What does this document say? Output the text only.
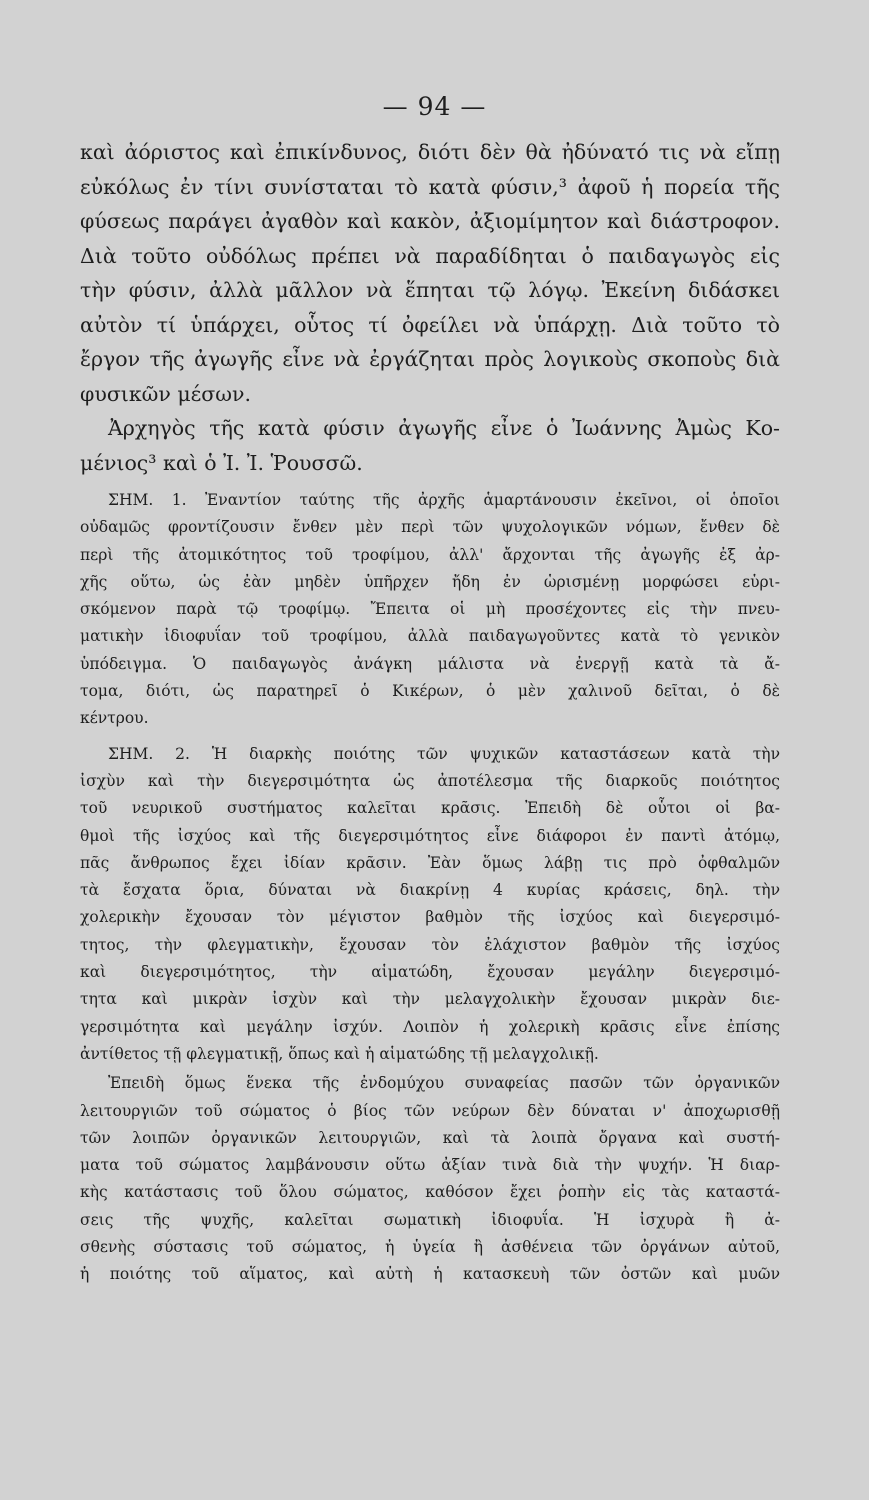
— 94 —
καὶ ἀόριστος καὶ ἐπικίνδυνος, διότι δὲν θὰ ἠδύνατό τις νὰ εἴπῃ
εὐκόλως ἐν τίνι συνίσταται τὸ κατὰ φύσιν,³ ἀφοῦ ἡ πορεία τῆς
φύσεως παράγει ἀγαθὸν καὶ κακὸν, ἀξιομίμητον καὶ διάστροφον.
Διὰ τοῦτο οὐδόλως πρέπει νὰ παραδίδηται ὁ παιδαγωγὸς εἰς
τὴν φύσιν, ἀλλὰ μᾶλλον νὰ ἕπηται τῷ λόγῳ. Ἐκείνη διδάσκει
αὐτὸν τί ὑπάρχει, οὗτος τί ὀφείλει νὰ ὑπάρχῃ. Διὰ τοῦτο τὸ
ἔργον τῆς ἀγωγῆς εἶνε νὰ ἐργάζηται πρὸς λογικοὺς σκοποὺς διὰ
φυσικῶν μέσων.
Ἀρχηγὸς τῆς κατὰ φύσιν ἀγωγῆς εἶνε ὁ Ἰωάννης Ἀμὼς Κο-
μένιος³ καὶ ὁ Ἰ. Ἰ. Ῥουσσῶ.
ΣΗΜ. 1. Ἐναντίον ταύτης τῆς ἀρχῆς ἁμαρτάνουσιν ἐκεῖνοι, οἱ ὁποῖοι
οὐδαμῶς φροντίζουσιν ἔνθεν μὲν περὶ τῶν ψυχολογικῶν νόμων, ἔνθεν δὲ
περὶ τῆς ἀτομικότητος τοῦ τροφίμου, ἀλλ' ἄρχονται τῆς ἀγωγῆς ἐξ ἀρ-
χῆς οὕτω, ὡς ἐὰν μηδὲν ὑπῆρχεν ἤδη ἐν ὡρισμένῃ μορφώσει εὑρι-
σκόμενον παρὰ τῷ τροφίμῳ. Ἔπειτα οἱ μὴ προσέχοντες εἰς τὴν πνευ-
ματικὴν ἰδιοφυΐαν τοῦ τροφίμου, ἀλλὰ παιδαγωγοῦντες κατὰ τὸ γενικὸν
ὑπόδειγμα. Ὁ παιδαγωγὸς ἀνάγκη μάλιστα νὰ ἐνεργῇ κατὰ τὰ ἄ-
τομα, διότι, ὡς παρατηρεῖ ὁ Κικέρων, ὁ μὲν χαλινοῦ δεῖται, ὁ δὲ
κέντρου.
ΣΗΜ. 2. Ἡ διαρκὴς ποιότης τῶν ψυχικῶν καταστάσεων κατὰ τὴν
ἰσχὺν καὶ τὴν διεγερσιμότητα ὡς ἀποτέλεσμα τῆς διαρκοῦς ποιότητος
τοῦ νευρικοῦ συστήματος καλεῖται κρᾶσις. Ἐπειδὴ δὲ οὗτοι οἱ βα-
θμοὶ τῆς ἰσχύος καὶ τῆς διεγερσιμότητος εἶνε διάφοροι ἐν παντὶ ἀτόμῳ,
πᾶς ἄνθρωπος ἔχει ἰδίαν κρᾶσιν. Ἐὰν ὅμως λάβῃ τις πρὸ ὀφθαλμῶν
τὰ ἔσχατα ὅρια, δύναται νὰ διακρίνῃ 4 κυρίας κράσεις, δηλ. τὴν
χολερικὴν ἔχουσαν τὸν μέγιστον βαθμὸν τῆς ἰσχύος καὶ διεγερσιμό-
τητος, τὴν φλεγματικὴν, ἔχουσαν τὸν ἐλάχιστον βαθμὸν τῆς ἰσχύος
καὶ διεγερσιμότητος, τὴν αἱματώδη, ἔχουσαν μεγάλην διεγερσιμό-
τητα καὶ μικρὰν ἰσχὺν καὶ τὴν μελαγχολικὴν ἔχουσαν μικρὰν διε-
γερσιμότητα καὶ μεγάλην ἰσχύν. Λοιπὸν ἡ χολερικὴ κρᾶσις εἶνε ἐπίσης
ἀντίθετος τῇ φλεγματικῇ, ὅπως καὶ ἡ αἱματώδης τῇ μελαγχολικῇ.
Ἐπειδὴ ὅμως ἕνεκα τῆς ἐνδομύχου συναφείας πασῶν τῶν ὀργανικῶν
λειτουργιῶν τοῦ σώματος ὁ βίος τῶν νεύρων δὲν δύναται ν' ἀποχωρισθῇ
τῶν λοιπῶν ὀργανικῶν λειτουργιῶν, καὶ τὰ λοιπὰ ὄργανα καὶ συστή-
ματα τοῦ σώματος λαμβάνουσιν οὕτω ἀξίαν τινὰ διὰ τὴν ψυχήν. Ἡ διαρ-
κὴς κατάστασις τοῦ ὅλου σώματος, καθόσον ἔχει ῥοπὴν εἰς τὰς καταστά-
σεις τῆς ψυχῆς, καλεῖται σωματικὴ ἰδιοφυΐα. Ἡ ἰσχυρὰ ἢ ἀ-
σθενὴς σύστασις τοῦ σώματος, ἡ ὑγεία ἢ ἀσθένεια τῶν ὀργάνων αὐτοῦ,
ἡ ποιότης τοῦ αἵματος, καὶ αὐτὴ ἡ κατασκευὴ τῶν ὀστῶν καὶ μυῶν
